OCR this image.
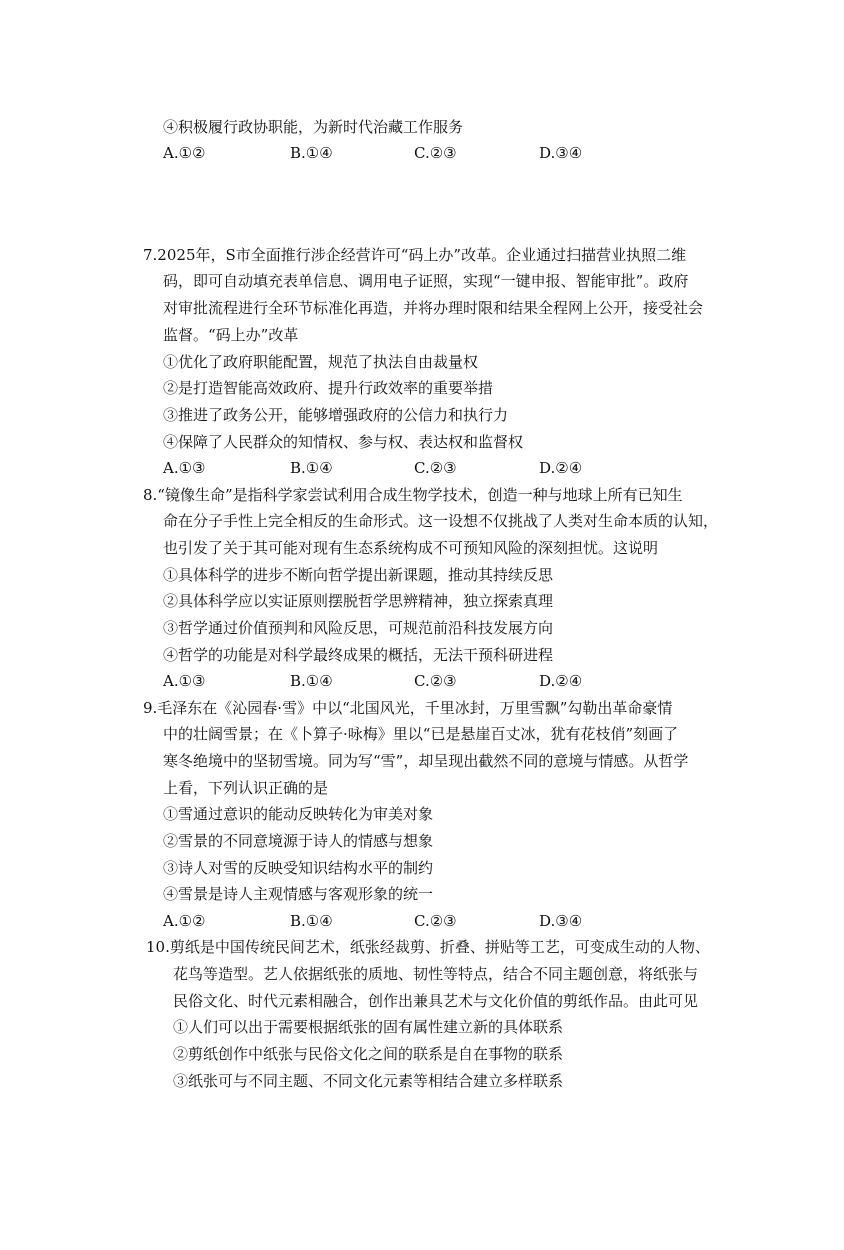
④积极履行政协职能，为新时代治藏工作服务
A.①②	B.①④	C.②③	D.③④
7.2025年，S市全面推行涉企经营许可“码上办”改革。企业通过扫描营业执照二维
码，即可自动填充表单信息、调用电子证照，实现“一键申报、智能审批”。政府
对审批流程进行全环节标准化再造，并将办理时限和结果全程网上公开，接受社会
监督。“码上办”改革
①优化了政府职能配置，规范了执法自由裁量权
②是打造智能高效政府、提升行政效率的重要举措
③推进了政务公开，能够增强政府的公信力和执行力
④保障了人民群众的知情权、参与权、表达权和监督权
A.①③	B.①④	C.②③	D.②④
8.“镜像生命”是指科学家尝试利用合成生物学技术，创造一种与地球上所有已知生
命在分子手性上完全相反的生命形式。这一设想不仅挑战了人类对生命本质的认知，
也引发了关于其可能对现有生态系统构成不可预知风险的深刻担忧。这说明
①具体科学的进步不断向哲学提出新课题，推动其持续反思
②具体科学应以实证原则摆脱哲学思辨精神，独立探索真理
③哲学通过价值预判和风险反思，可规范前沿科技发展方向
④哲学的功能是对科学最终成果的概括，无法干预科研进程
A.①③	B.①④	C.②③	D.②④
9.毛泽东在《沁园春·雪》中以“北国风光，千里冰封，万里雪飘”勾勒出革命豪情
中的壮阔雪景；在《卜算子·咏梅》里以“已是悬崖百丈冰，犹有花枝俏”刻画了
寒冬绝境中的坚韧雪境。同为写“雪”，却呈现出截然不同的意境与情感。从哲学
上看，下列认识正确的是
①雪通过意识的能动反映转化为审美对象
②雪景的不同意境源于诗人的情感与想象
③诗人对雪的反映受知识结构水平的制约
④雪景是诗人主观情感与客观形象的统一
A.①②	B.①④	C.②③	D.③④
10.剪纸是中国传统民间艺术，纸张经裁剪、折叠、拼贴等工艺，可变成生动的人物、
花鸟等造型。艺人依据纸张的质地、韧性等特点，结合不同主题创意，将纸张与
民俗文化、时代元素相融合，创作出兼具艺术与文化价值的剪纸作品。由此可见
①人们可以出于需要根据纸张的固有属性建立新的具体联系
②剪纸创作中纸张与民俗文化之间的联系是自在事物的联系
③纸张可与不同主题、不同文化元素等相结合建立多样联系
